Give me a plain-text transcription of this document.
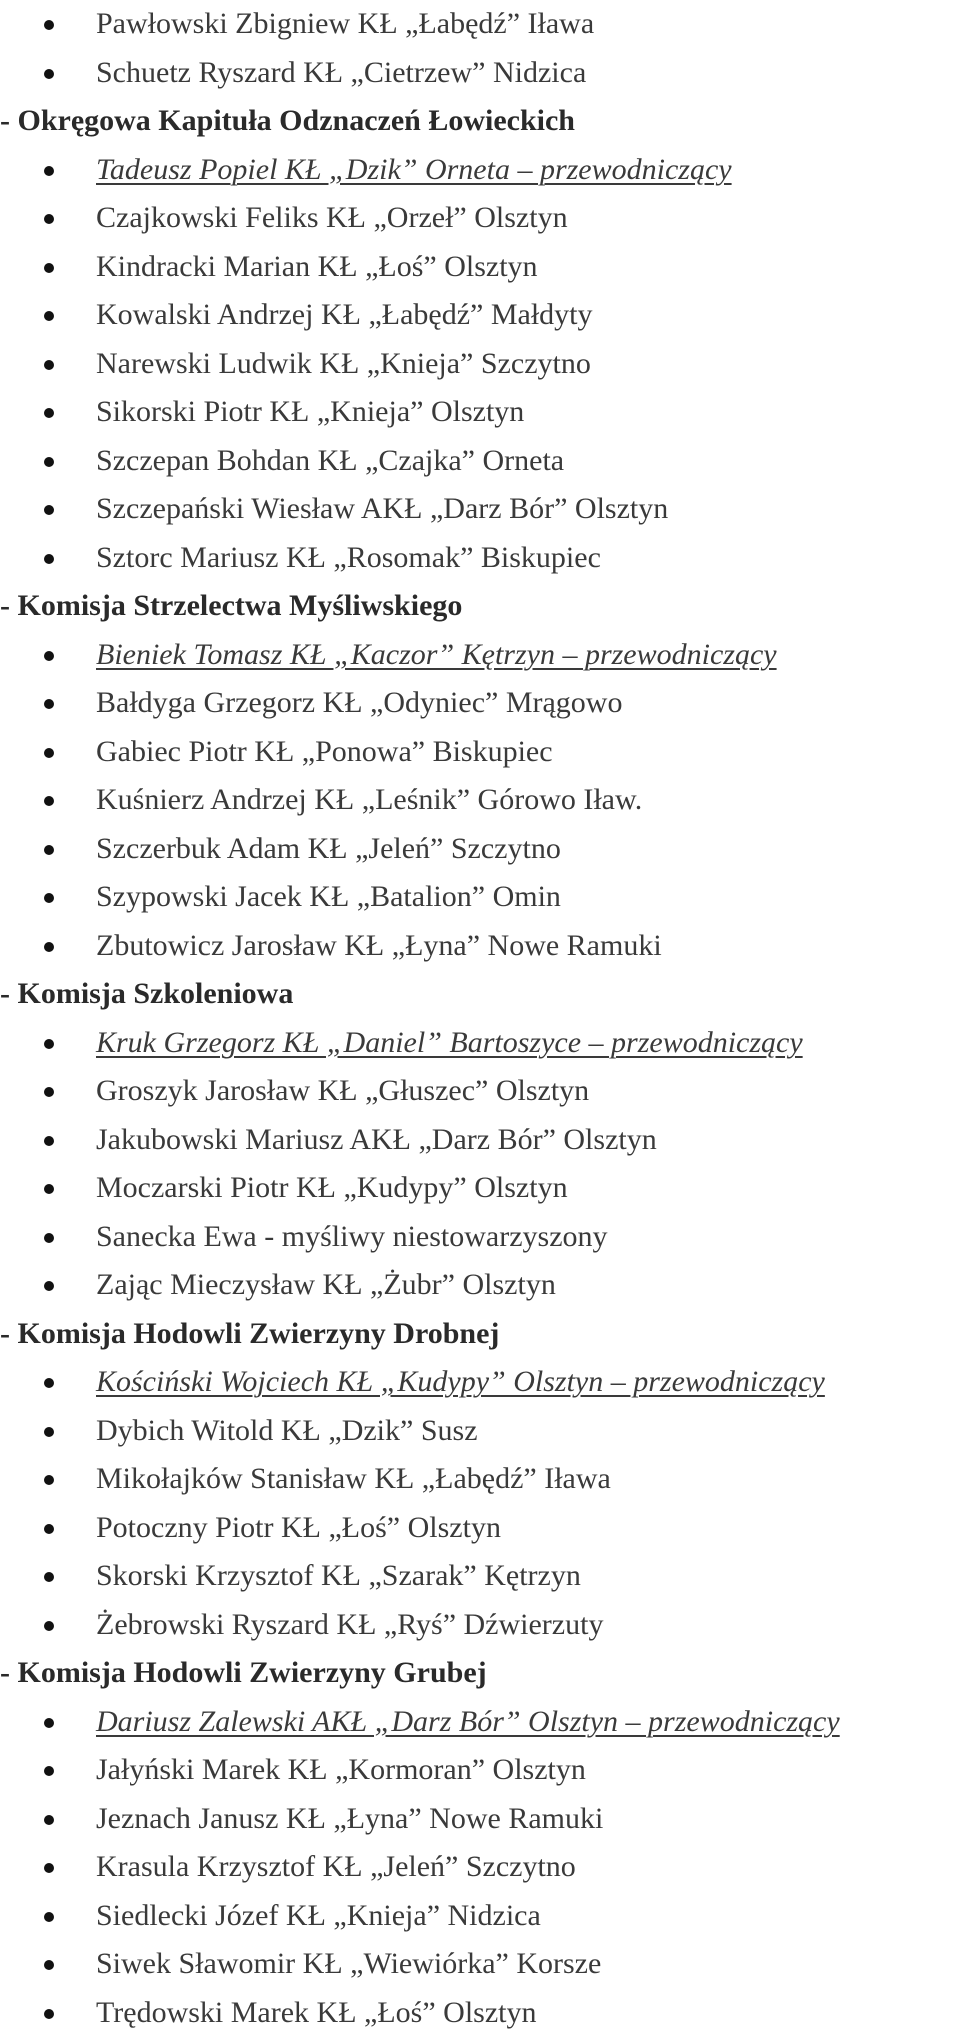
Pawłowski Zbigniew KŁ „Łabędź” Iława
Schuetz Ryszard KŁ „Cietrzew” Nidzica
- Okręgowa Kapituła Odznaczeń Łowieckich
Tadeusz Popiel KŁ „Dzik” Orneta – przewodniczący
Czajkowski Feliks KŁ „Orzeł” Olsztyn
Kindracki Marian KŁ „Łoś” Olsztyn
Kowalski Andrzej KŁ „Łabędź” Małdyty
Narewski Ludwik KŁ „Knieja” Szczytno
Sikorski Piotr KŁ „Knieja” Olsztyn
Szczepan Bohdan KŁ „Czajka” Orneta
Szczepański Wiesław AKŁ „Darz Bór” Olsztyn
Sztorc Mariusz KŁ „Rosomak” Biskupiec
- Komisja Strzelectwa Myśliwskiego
Bieniek Tomasz KŁ „Kaczor” Kętrzyn – przewodniczący
Bałdyga Grzegorz KŁ „Odyniec” Mrągowo
Gabiec Piotr KŁ „Ponowa” Biskupiec
Kuśnierz Andrzej KŁ „Leśnik” Górowo Iław.
Szczerbuk Adam KŁ „Jeleń” Szczytno
Szypowski Jacek KŁ „Batalion” Omin
Zbutowicz Jarosław KŁ „Łyna” Nowe Ramuki
- Komisja Szkoleniowa
Kruk Grzegorz KŁ „Daniel” Bartoszyce – przewodniczący
Groszyk Jarosław KŁ „Głuszec” Olsztyn
Jakubowski Mariusz AKŁ „Darz Bór” Olsztyn
Moczarski Piotr KŁ „Kudypy” Olsztyn
Sanecka Ewa - myśliwy niestowarzyszony
Zając Mieczysław KŁ „Żubr” Olsztyn
- Komisja Hodowli Zwierzyny Drobnej
Kościński Wojciech KŁ „Kudypy” Olsztyn – przewodniczący
Dybich Witold KŁ „Dzik” Susz
Mikołajków Stanisław KŁ „Łabędź” Iława
Potoczny Piotr KŁ „Łoś” Olsztyn
Skorski Krzysztof KŁ „Szarak” Kętrzyn
Żebrowski Ryszard KŁ „Ryś” Dźwierzuty
- Komisja Hodowli Zwierzyny Grubej
Dariusz Zalewski AKŁ „Darz Bór” Olsztyn – przewodniczący
Jałyński Marek KŁ „Kormoran” Olsztyn
Jeznach Janusz KŁ „Łyna” Nowe Ramuki
Krasula Krzysztof KŁ „Jeleń” Szczytno
Siedlecki Józef KŁ „Knieja” Nidzica
Siwek Sławomir KŁ „Wiewiórka” Korsze
Trędowski Marek KŁ „Łoś” Olsztyn
